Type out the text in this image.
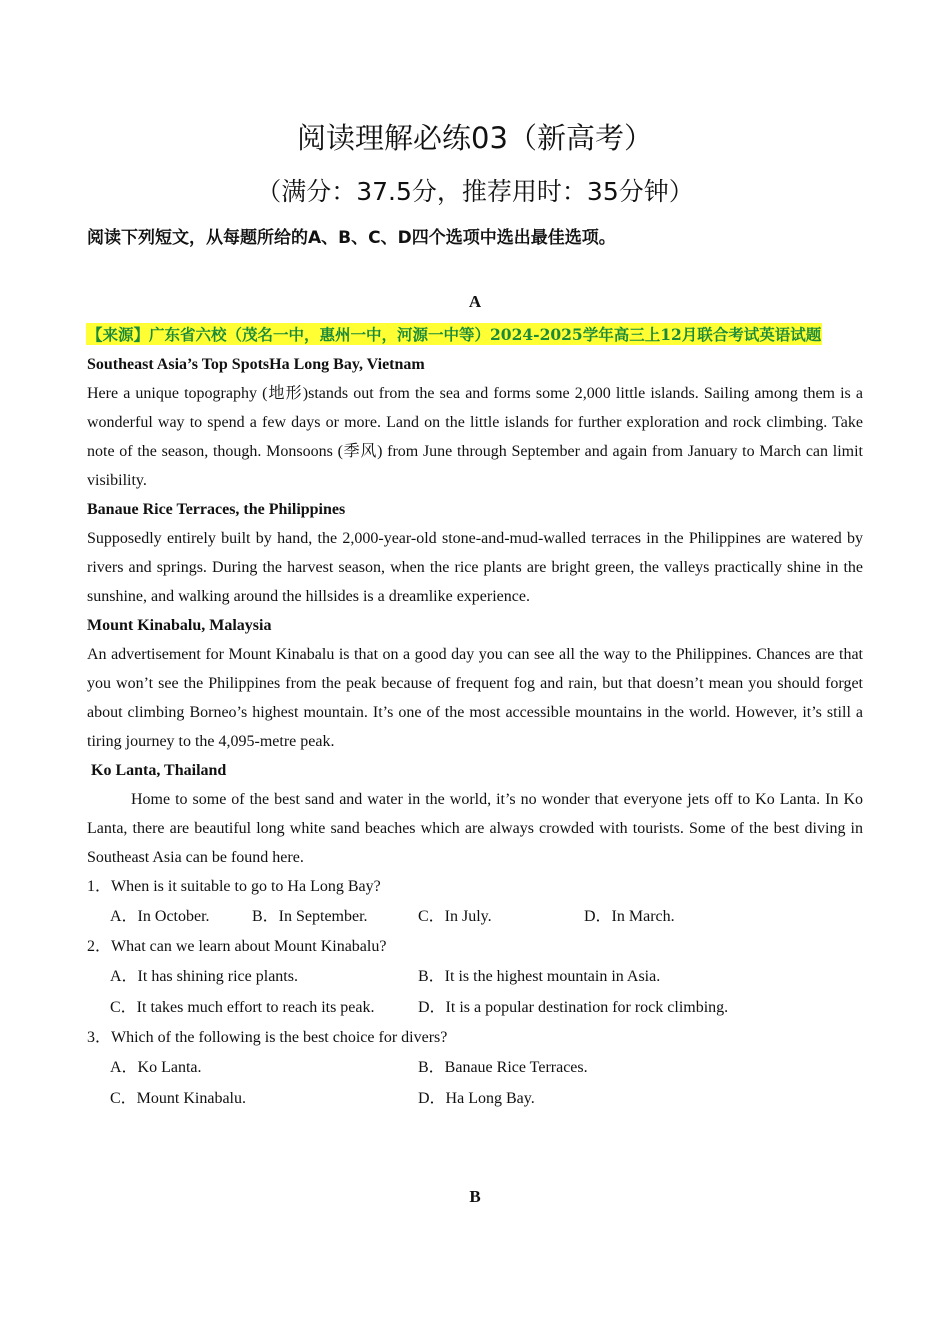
阅读理解必练03（新高考）
（满分：37.5分，推荐用时：35分钟）
阅读下列短文，从每题所给的A、B、C、D四个选项中选出最佳选项。
A
【来源】广东省六校（茂名一中，惠州一中，河源一中等）2024-2025学年高三上12月联合考试英语试题

Southeast Asia’s Top SpotsHa Long Bay, Vietnam

Here a unique topography (地形)stands out from the sea and forms some 2,000 little islands. Sailing among them is a wonderful way to spend a few days or more. Land on the little islands for further exploration and rock climbing. Take note of the season, though. Monsoons (季风) from June through September and again from January to March can limit visibility.

Banaue Rice Terraces, the Philippines

Supposedly entirely built by hand, the 2,000-year-old stone-and-mud-walled terraces in the Philippines are watered by rivers and springs. During the harvest season, when the rice plants are bright green, the valleys practically shine in the sunshine, and walking around the hillsides is a dreamlike experience.

Mount Kinabalu, Malaysia

An advertisement for Mount Kinabalu is that on a good day you can see all the way to the Philippines. Chances are that you won’t see the Philippines from the peak because of frequent fog and rain, but that doesn’t mean you should forget about climbing Borneo’s highest mountain. It’s one of the most accessible mountains in the world. However, it’s still a tiring journey to the 4,095-metre peak.

Ko Lanta, Thailand

Home to some of the best sand and water in the world, it’s no wonder that everyone jets off to Ko Lanta. In Ko Lanta, there are beautiful long white sand beaches which are always crowded with tourists. Some of the best diving in Southeast Asia can be found here.

1．When is it suitable to go to Ha Long Bay?

A．In October.	B．In September.	C．In July.	D．In March.

2．What can we learn about Mount Kinabalu?

A．It has shining rice plants.	B．It is the highest mountain in Asia.
C．It takes much effort to reach its peak.	D．It is a popular destination for rock climbing.

3．Which of the following is the best choice for divers?

A．Ko Lanta.	B．Banaue Rice Terraces.
C．Mount Kinabalu.	D．Ha Long Bay.
B
